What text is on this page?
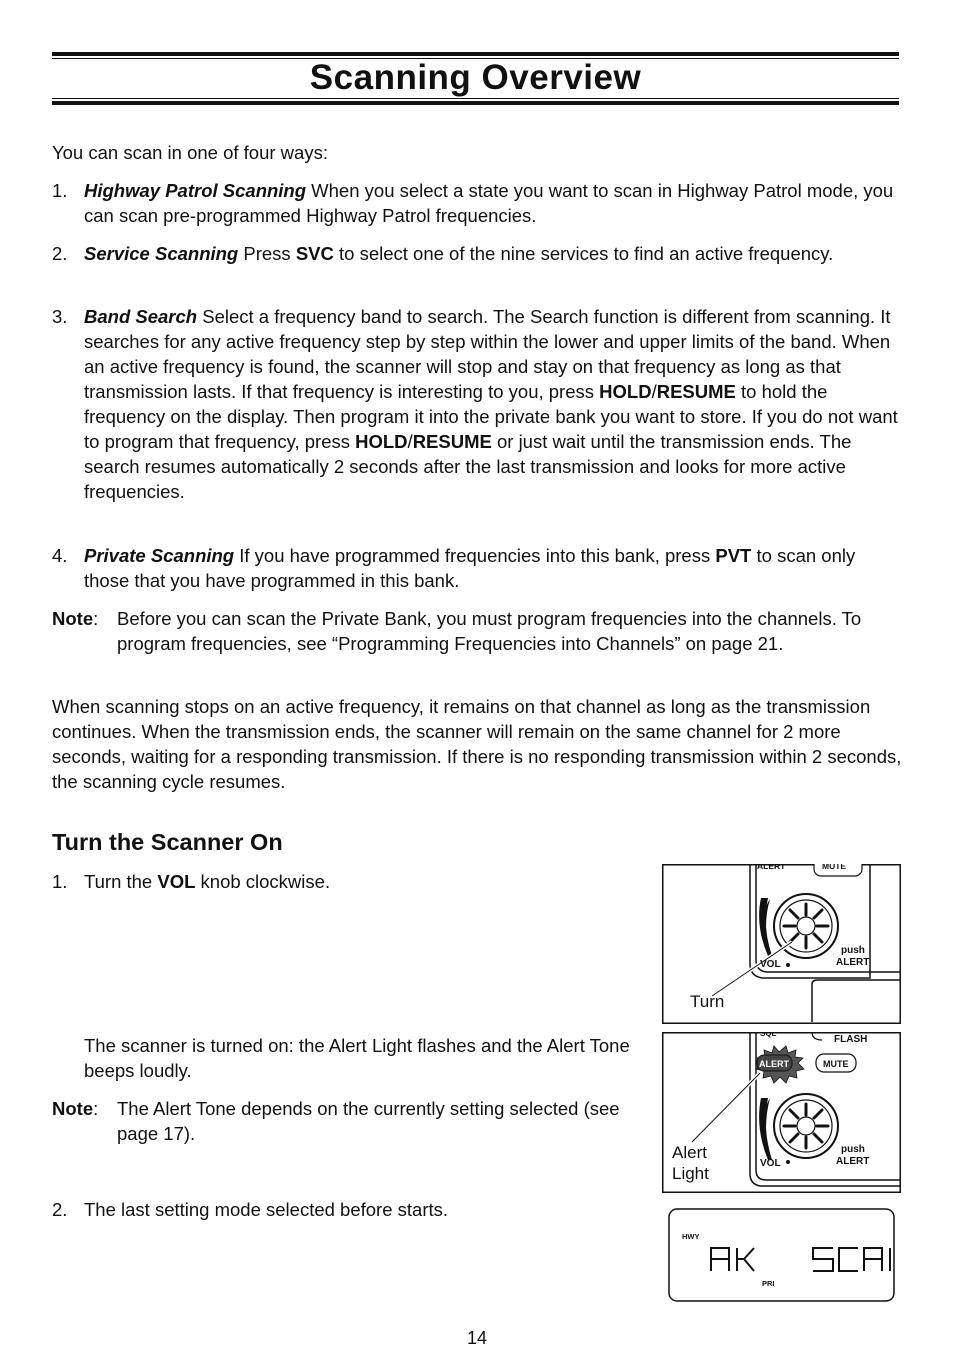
Scanning Overview
You can scan in one of four ways:
1. Highway Patrol Scanning When you select a state you want to scan in Highway Patrol mode, you can scan pre-programmed Highway Patrol frequencies.
2. Service Scanning Press SVC to select one of the nine services to find an active frequency.
3. Band Search Select a frequency band to search. The Search function is different from scanning. It searches for any active frequency step by step within the lower and upper limits of the band. When an active frequency is found, the scanner will stop and stay on that frequency as long as that transmission lasts. If that frequency is interesting to you, press HOLD/RESUME to hold the frequency on the display. Then program it into the private bank you want to store. If you do not want to program that frequency, press HOLD/RESUME or just wait until the transmission ends. The search resumes automatically 2 seconds after the last transmission and looks for more active frequencies.
4. Private Scanning If you have programmed frequencies into this bank, press PVT to scan only those that you have programmed in this bank.
Note: Before you can scan the Private Bank, you must program frequencies into the channels. To program frequencies, see “Programming Frequencies into Channels” on page 21.
When scanning stops on an active frequency, it remains on that channel as long as the transmission continues. When the transmission ends, the scanner will remain on the same channel for 2 more seconds, waiting for a responding transmission. If there is no responding transmission within 2 seconds, the scanning cycle resumes.
Turn the Scanner On
1. Turn the VOL knob clockwise.
The scanner is turned on: the Alert Light flashes and the Alert Tone beeps loudly.
Note: The Alert Tone depends on the currently setting selected (see page 17).
2. The last setting mode selected before starts.
ALERT	MUTE
push
ALERT
VOL
Turn
SQL
FLASH
ALERT	MUTE
push
ALERT
VOL
Alert
Light
HWY
PRI
14
